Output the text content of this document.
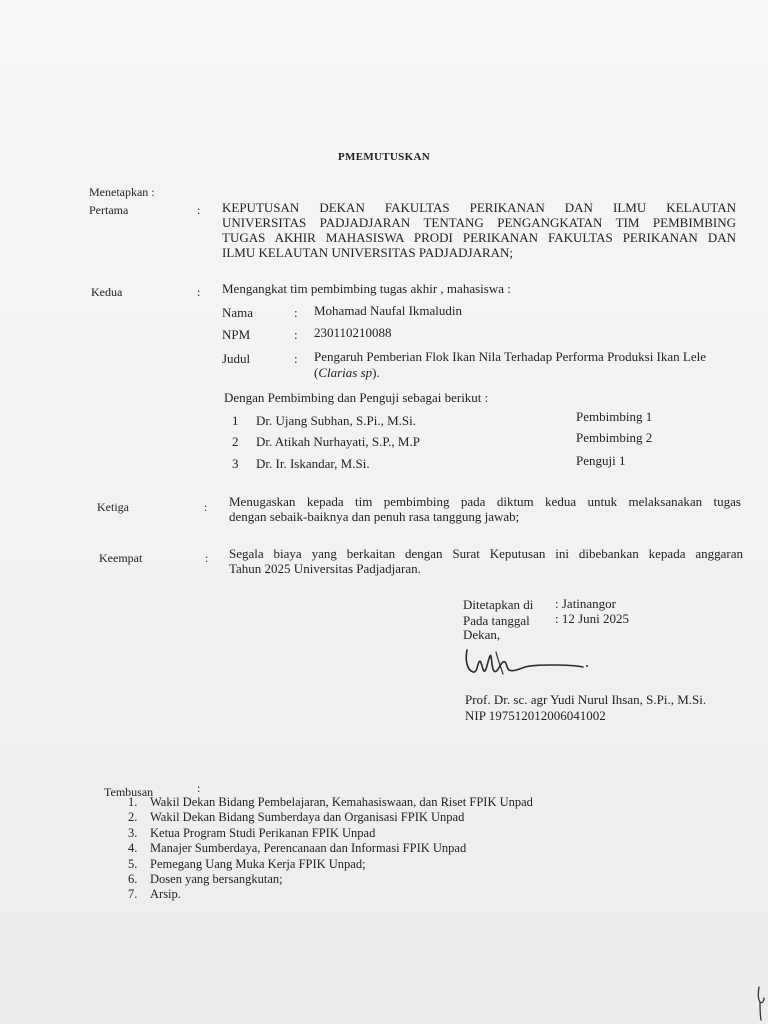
PMEMUTUSKAN
Menetapkan :
Pertama	: KEPUTUSAN DEKAN FAKULTAS PERIKANAN DAN ILMU KELAUTAN
UNIVERSITAS PADJADJARAN TENTANG PENGANGKATAN TIM PEMBIMBING
TUGAS AKHIR MAHASISWA PRODI PERIKANAN FAKULTAS PERIKANAN DAN
ILMU KELAUTAN UNIVERSITAS PADJADJARAN;
Kedua	: Mengangkat tim pembimbing tugas akhir , mahasiswa :
Nama	: Mohamad Naufal Ikmaludin
NPM	: 230110210088
Judul	: Pengaruh Pemberian Flok Ikan Nila Terhadap Performa Produksi Ikan Lele
(Clarias sp).
Dengan Pembimbing dan Penguji sebagai berikut :
1 Dr. Ujang Subhan, S.Pi., M.Si.	Pembimbing 1
2 Dr. Atikah Nurhayati, S.P., M.P	Pembimbing 2
3 Dr. Ir. Iskandar, M.Si.	Penguji 1
Ketiga	: Menugaskan kepada tim pembimbing pada diktum kedua untuk melaksanakan tugas
dengan sebaik-baiknya dan penuh rasa tanggung jawab;
Keempat	: Segala biaya yang berkaitan dengan Surat Keputusan ini dibebankan kepada anggaran
Tahun 2025 Universitas Padjadjaran.
Ditetapkan di : Jatinangor
Pada tanggal : 12 Juni 2025
Dekan,
Prof. Dr. sc. agr Yudi Nurul Ihsan, S.Pi., M.Si.
NIP 197512012006041002
Tembusan	:
1.	Wakil Dekan Bidang Pembelajaran, Kemahasiswaan, dan Riset FPIK Unpad
2.	Wakil Dekan Bidang Sumberdaya dan Organisasi FPIK Unpad
3.	Ketua Program Studi Perikanan FPIK Unpad
4.	Manajer Sumberdaya, Perencanaan dan Informasi FPIK Unpad
5.	Pemegang Uang Muka Kerja FPIK Unpad;
6.	Dosen yang bersangkutan;
7.	Arsip.
